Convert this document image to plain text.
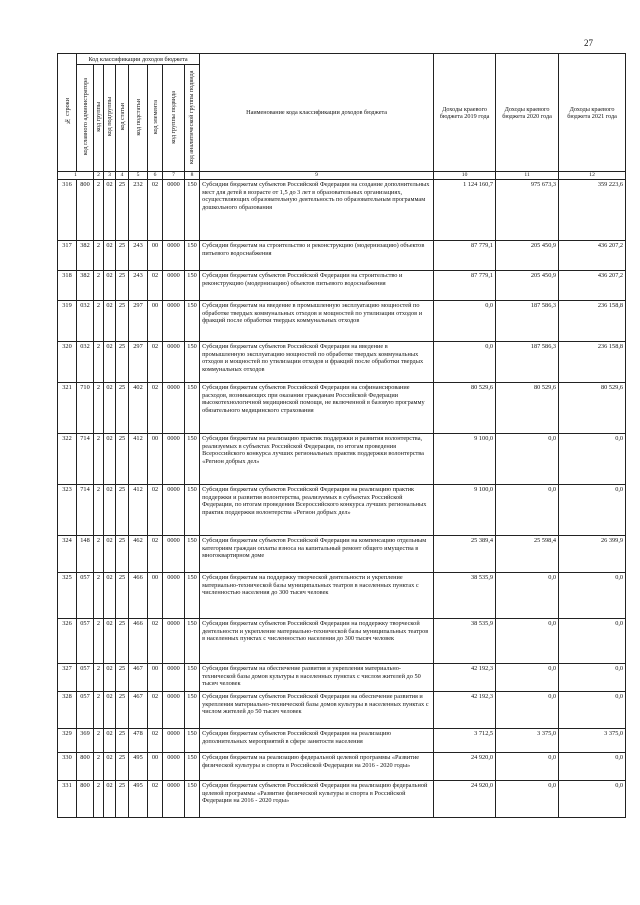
27
№ строки	Код классификации доходов бюджета								Наименование кода классификации доходов бюджета	Доходы краевого бюджета 2019 года	Доходы краевого бюджета 2020 года	Доходы краевого бюджета 2021 года
	код главного администратора	код группы	код подгруппы	код статьи	код подстатьи	код элемента	код группы подвида	код аналитической группы подвида				
1		2	3	4	5	6	7	8	9	10	11	12
316	800	2	02	25	232	02	0000	150	Субсидии бюджетам субъектов Российской Федерации на создание дополнительных мест для детей в возрасте от 1,5 до 3 лет в образовательных организациях, осуществляющих образовательную деятельность по образовательным программам дошкольного образования	1 124 160,7	975 673,3	359 223,6
317	382	2	02	25	243	00	0000	150	Субсидии бюджетам на строительство и реконструкцию (модернизацию) объектов питьевого водоснабжения	87 779,1	205 450,9	436 207,2
318	382	2	02	25	243	02	0000	150	Субсидии бюджетам субъектов Российской Федерации на строительство и реконструкцию (модернизацию) объектов питьевого водоснабжения	87 779,1	205 450,9	436 207,2
319	032	2	02	25	297	00	0000	150	Субсидии бюджетам на введение в промышленную эксплуатацию мощностей по обработке твердых коммунальных отходов и мощностей по утилизации отходов и фракций после обработки твердых коммунальных отходов	0,0	187 586,3	236 158,8
320	032	2	02	25	297	02	0000	150	Субсидии бюджетам субъектов Российской Федерации на введение в промышленную эксплуатацию мощностей по обработке твердых коммунальных отходов и мощностей по утилизации отходов и фракций после обработки твердых коммунальных отходов	0,0	187 586,3	236 158,8
321	710	2	02	25	402	02	0000	150	Субсидии бюджетам субъектов Российской Федерации на софинансирование расходов, возникающих при оказании гражданам Российской Федерации высокотехнологичной медицинской помощи, не включенной в базовую программу обязательного медицинского страхования	80 529,6	80 529,6	80 529,6
322	714	2	02	25	412	00	0000	150	Субсидии бюджетам на реализацию практик поддержки и развития волонтерства, реализуемых в субъектах Российской Федерации, по итогам проведения Всероссийского конкурса лучших региональных практик поддержки волонтерства «Регион добрых дел»	9 100,0	0,0	0,0
323	714	2	02	25	412	02	0000	150	Субсидии бюджетам субъектов Российской Федерации на реализацию практик поддержки и развития волонтерства, реализуемых в субъектах Российской Федерации, по итогам проведения Всероссийского конкурса лучших региональных практик поддержки волонтерства «Регион добрых дел»	9 100,0	0,0	0,0
324	148	2	02	25	462	02	0000	150	Субсидии бюджетам субъектов Российской Федерации на компенсацию отдельным категориям граждан оплаты взноса на капитальный ремонт общего имущества в многоквартирном доме	25 389,4	25 598,4	26 399,9
325	057	2	02	25	466	00	0000	150	Субсидии бюджетам на поддержку творческой деятельности и укрепление материально-технической базы муниципальных театров в населенных пунктах с численностью населения до 300 тысяч человек	38 535,9	0,0	0,0
326	057	2	02	25	466	02	0000	150	Субсидии бюджетам субъектов Российской Федерации на поддержку творческой деятельности и укрепление материально-технической базы муниципальных театров в населенных пунктах с численностью населения до 300 тысяч человек	38 535,9	0,0	0,0
327	057	2	02	25	467	00	0000	150	Субсидии бюджетам на обеспечение развития и укрепления материально-технической базы домов культуры в населенных пунктах с числом жителей до 50 тысяч человек	42 192,3	0,0	0,0
328	057	2	02	25	467	02	0000	150	Субсидии бюджетам субъектов Российской Федерации на обеспечение развития и укрепления материально-технической базы домов культуры в населенных пунктах с числом жителей до 50 тысяч человек	42 192,3	0,0	0,0
329	369	2	02	25	478	02	0000	150	Субсидии бюджетам субъектов Российской Федерации на реализацию дополнительных мероприятий в сфере занятости населения	3 712,5	3 375,0	3 375,0
330	800	2	02	25	495	00	0000	150	Субсидии бюджетам на реализацию федеральной целевой программы «Развитие физической культуры и спорта в Российской Федерации на 2016 - 2020 годы»	24 920,0	0,0	0,0
331	800	2	02	25	495	02	0000	150	Субсидии бюджетам субъектов Российской Федерации на реализацию федеральной целевой программы «Развитие физической культуры и спорта в Российской Федерации на 2016 - 2020 годы»	24 920,0	0,0	0,0
